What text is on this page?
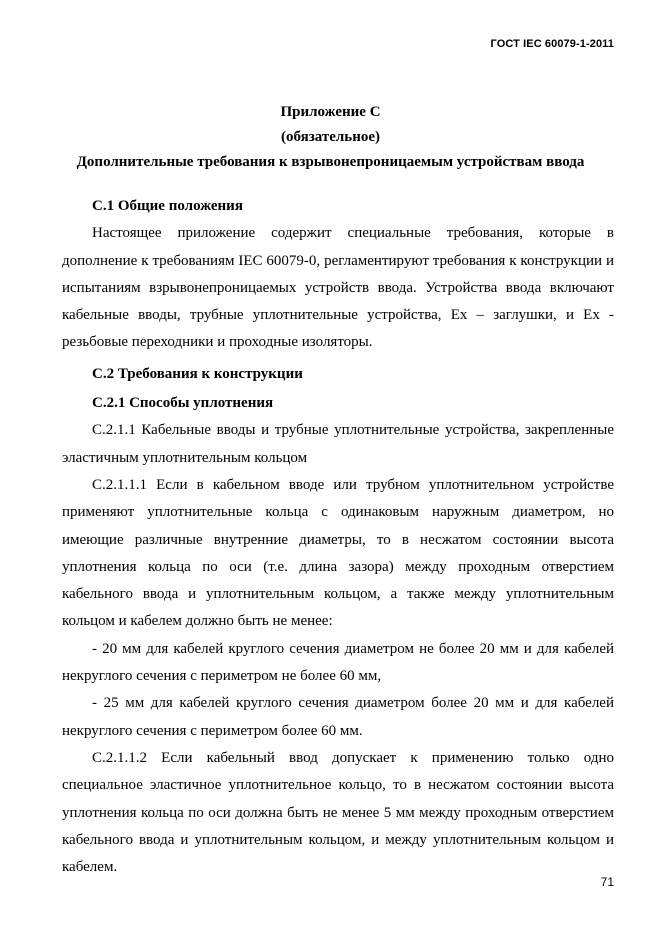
ГОСТ IEC 60079-1-2011
Приложение С
(обязательное)
Дополнительные требования к взрывонепроницаемым устройствам ввода

С.1 Общие положения

Настоящее приложение содержит специальные требования, которые в дополнение к требованиям IEC 60079-0, регламентируют требования к конструкции и испытаниям взрывонепроницаемых устройств ввода. Устройства ввода включают кабельные вводы, трубные уплотнительные устройства, Ех – заглушки, и Ех - резьбовые переходники и проходные изоляторы.

С.2 Требования к конструкции

С.2.1 Способы уплотнения

С.2.1.1 Кабельные вводы и трубные уплотнительные устройства, закрепленные эластичным уплотнительным кольцом

С.2.1.1.1 Если в кабельном вводе или трубном уплотнительном устройстве применяют уплотнительные кольца с одинаковым наружным диаметром, но имеющие различные внутренние диаметры, то в несжатом состоянии высота уплотнения кольца по оси (т.е. длина зазора) между проходным отверстием кабельного ввода и уплотнительным кольцом, а также между уплотнительным кольцом и кабелем должно быть не менее:

- 20 мм для кабелей круглого сечения диаметром не более 20 мм и для кабелей некруглого сечения с периметром не более 60 мм,

- 25 мм для кабелей круглого сечения диаметром более 20 мм и для кабелей некруглого сечения с периметром более 60 мм.

С.2.1.1.2 Если кабельный ввод допускает к применению только одно специальное эластичное уплотнительное кольцо, то в несжатом состоянии высота уплотнения кольца по оси должна быть не менее 5 мм между проходным отверстием кабельного ввода и уплотнительным кольцом, и между уплотнительным кольцом и кабелем.

71
